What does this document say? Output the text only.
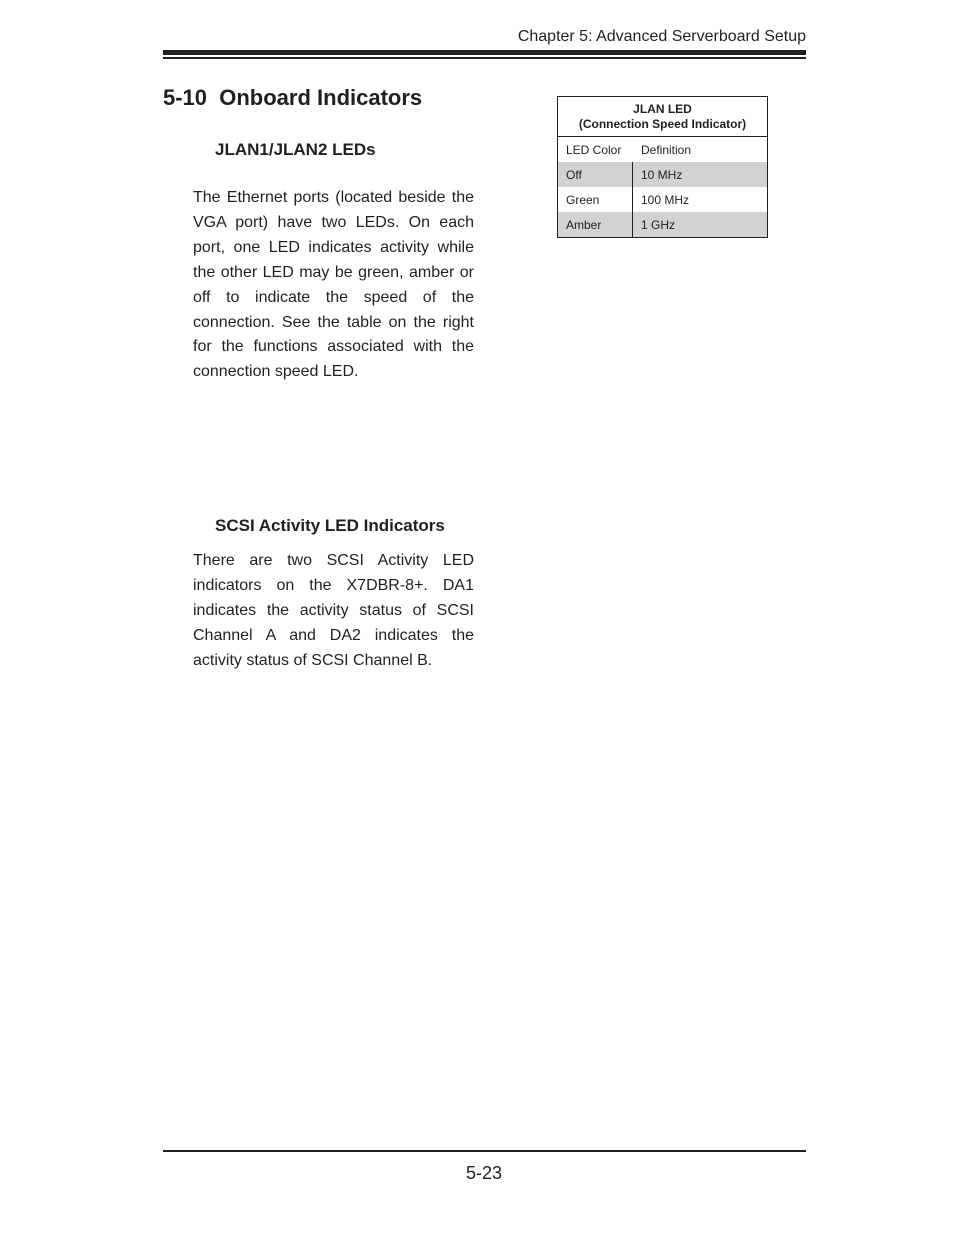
Chapter 5: Advanced Serverboard Setup
5-10  Onboard Indicators
JLAN1/JLAN2 LEDs
The Ethernet ports (located beside the VGA port) have two LEDs. On each port, one LED indicates activity while the other LED may be green, amber or off to indicate the speed of the connection. See the table on the right for the functions associated with the connection speed LED.
JLAN LED
(Connection Speed Indicator)
LED Color	Definition
Off	10 MHz
Green	100 MHz
Amber	1 GHz
SCSI Activity LED Indicators
There are two SCSI Activity LED indicators on the X7DBR-8+. DA1 indicates the activity status of SCSI Channel A and DA2 indicates the activity status of SCSI Channel B.
5-23
